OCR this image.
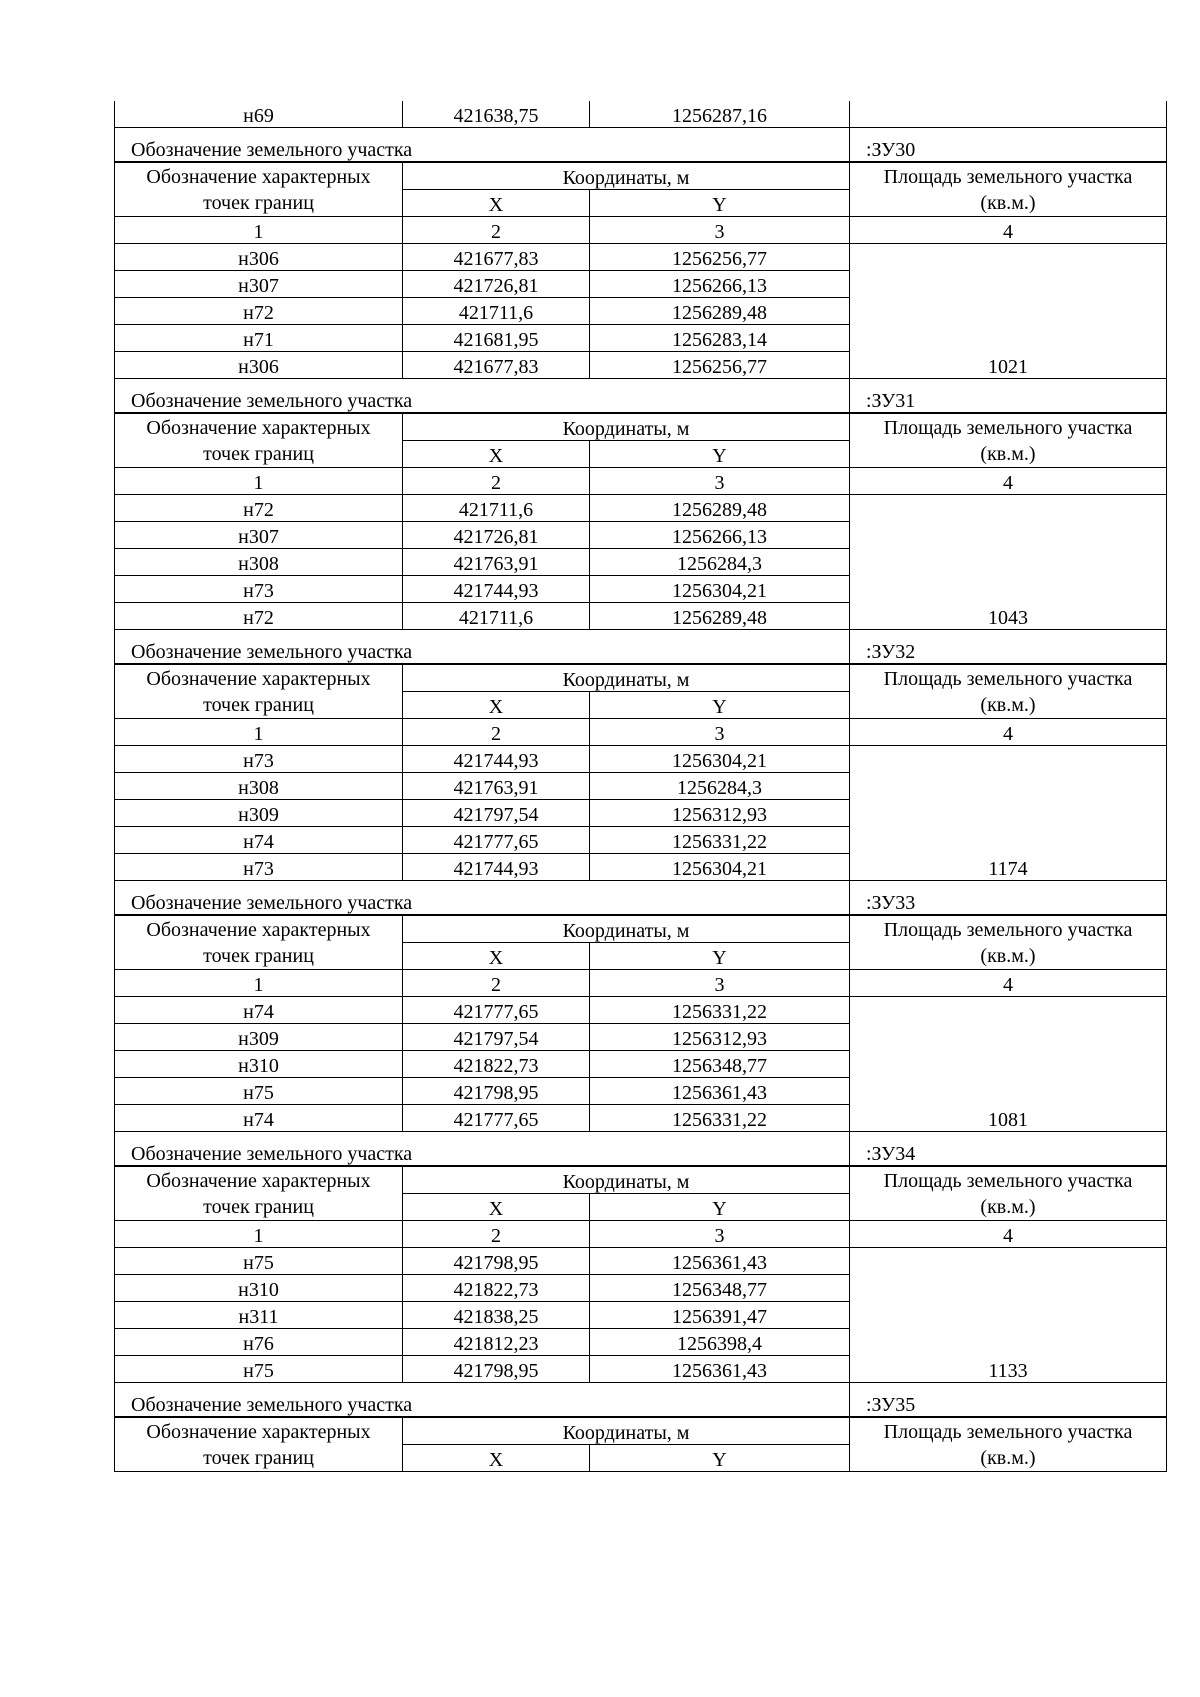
н69	421638,75	1256287,16	
Обозначение земельного участка			:ЗУ30
Обозначение характерных точек границ	Координаты, м		Площадь земельного участка (кв.м.)
	X	Y	
1	2	3	4
н306	421677,83	1256256,77	1021
н307	421726,81	1256266,13	
н72	421711,6	1256289,48	
н71	421681,95	1256283,14	
н306	421677,83	1256256,77	
Обозначение земельного участка			:ЗУ31
Обозначение характерных точек границ	Координаты, м		Площадь земельного участка (кв.м.)
	X	Y	
1	2	3	4
н72	421711,6	1256289,48	1043
н307	421726,81	1256266,13	
н308	421763,91	1256284,3	
н73	421744,93	1256304,21	
н72	421711,6	1256289,48	
Обозначение земельного участка			:ЗУ32
Обозначение характерных точек границ	Координаты, м		Площадь земельного участка (кв.м.)
	X	Y	
1	2	3	4
н73	421744,93	1256304,21	1174
н308	421763,91	1256284,3	
н309	421797,54	1256312,93	
н74	421777,65	1256331,22	
н73	421744,93	1256304,21	
Обозначение земельного участка			:ЗУ33
Обозначение характерных точек границ	Координаты, м		Площадь земельного участка (кв.м.)
	X	Y	
1	2	3	4
н74	421777,65	1256331,22	1081
н309	421797,54	1256312,93	
н310	421822,73	1256348,77	
н75	421798,95	1256361,43	
н74	421777,65	1256331,22	
Обозначение земельного участка			:ЗУ34
Обозначение характерных точек границ	Координаты, м		Площадь земельного участка (кв.м.)
	X	Y	
1	2	3	4
н75	421798,95	1256361,43	1133
н310	421822,73	1256348,77	
н311	421838,25	1256391,47	
н76	421812,23	1256398,4	
н75	421798,95	1256361,43	
Обозначение земельного участка			:ЗУ35
Обозначение характерных точек границ	Координаты, м		Площадь земельного участка (кв.м.)
	X	Y	
